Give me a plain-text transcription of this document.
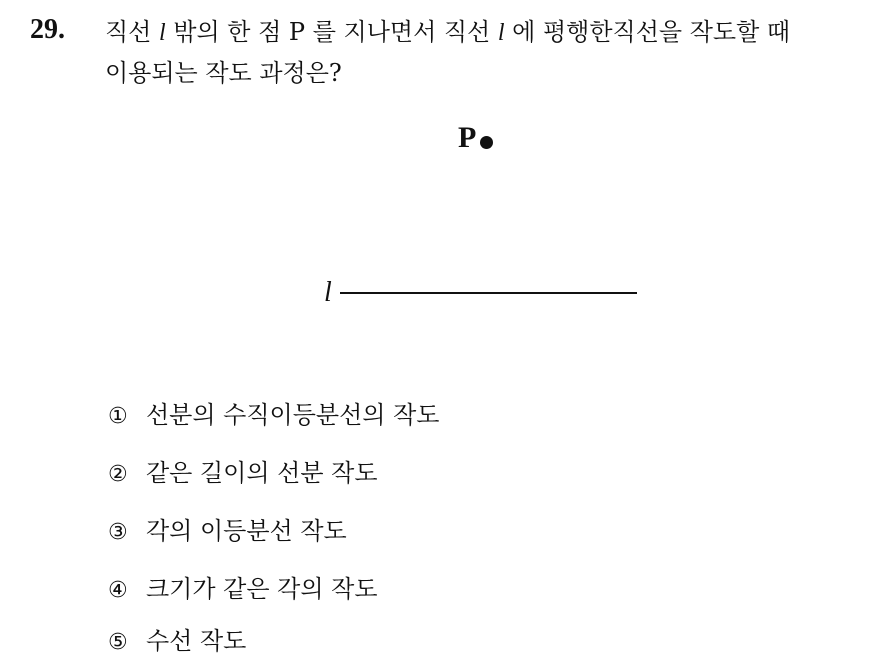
29. 직선 l 밖의 한 점 P 를 지나면서 직선 l 에 평행한직선을 작도할 때
이용되는 작도 과정은?
P
l
① 선분의 수직이등분선의 작도
② 같은 길이의 선분 작도
③ 각의 이등분선 작도
④ 크기가 같은 각의 작도
⑤ 수선 작도
